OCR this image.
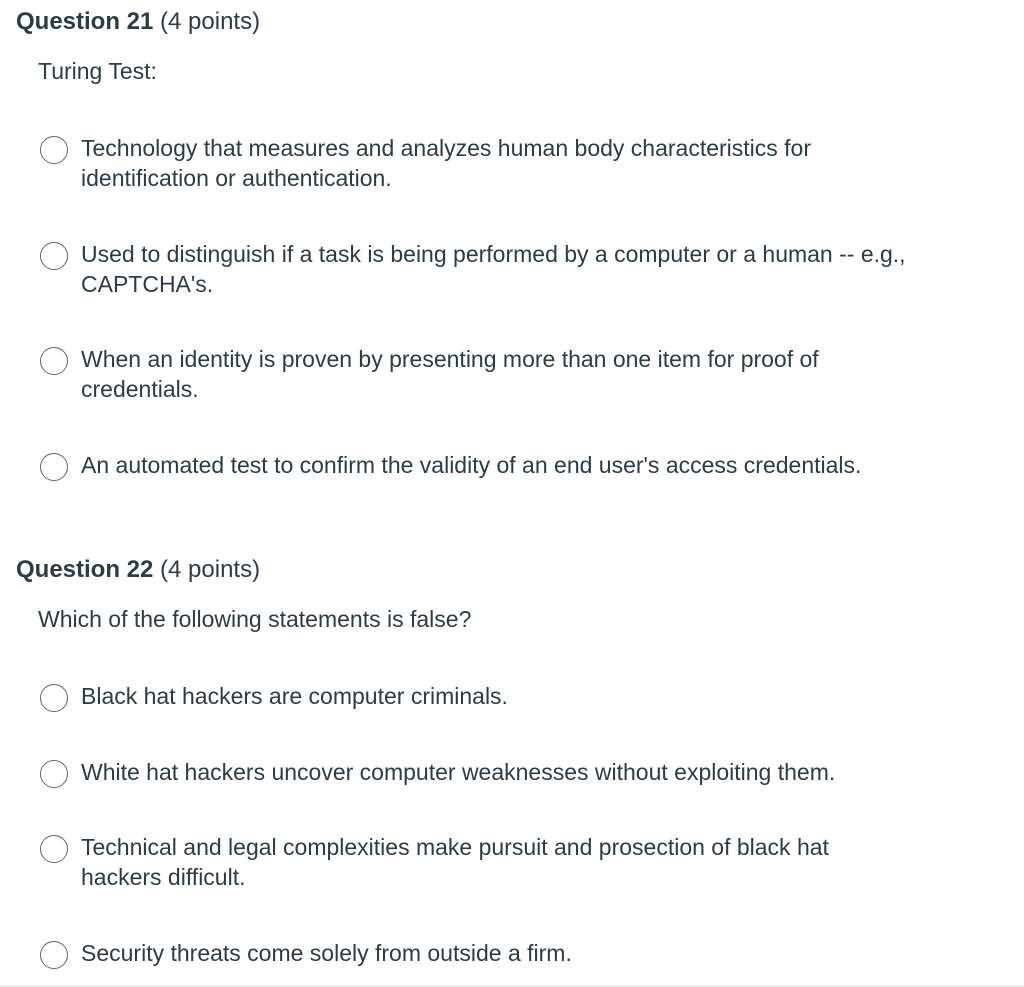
Question 21 (4 points)
Turing Test:
Technology that measures and analyzes human body characteristics for identification or authentication.
Used to distinguish if a task is being performed by a computer or a human -- e.g., CAPTCHA's.
When an identity is proven by presenting more than one item for proof of credentials.
An automated test to confirm the validity of an end user's access credentials.
Question 22 (4 points)
Which of the following statements is false?
Black hat hackers are computer criminals.
White hat hackers uncover computer weaknesses without exploiting them.
Technical and legal complexities make pursuit and prosection of black hat hackers difficult.
Security threats come solely from outside a firm.
